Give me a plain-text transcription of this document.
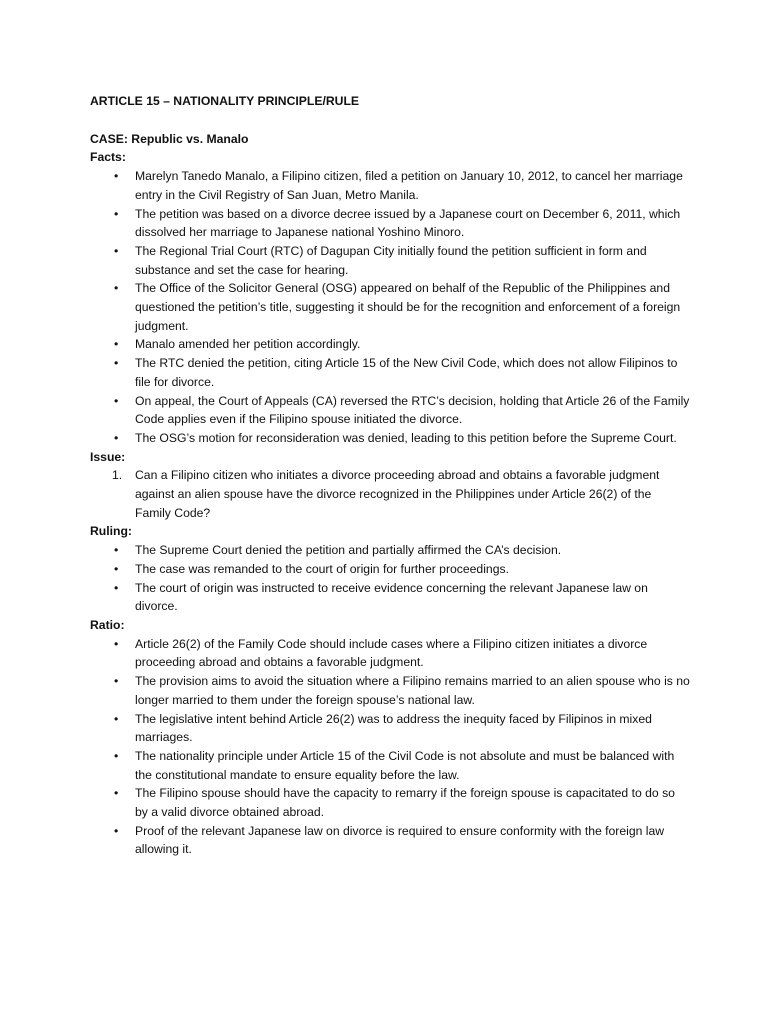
ARTICLE 15 – NATIONALITY PRINCIPLE/RULE
CASE: Republic vs. Manalo
Facts:
• Marelyn Tanedo Manalo, a Filipino citizen, filed a petition on January 10, 2012, to cancel her marriage entry in the Civil Registry of San Juan, Metro Manila.
• The petition was based on a divorce decree issued by a Japanese court on December 6, 2011, which dissolved her marriage to Japanese national Yoshino Minoro.
• The Regional Trial Court (RTC) of Dagupan City initially found the petition sufficient in form and substance and set the case for hearing.
• The Office of the Solicitor General (OSG) appeared on behalf of the Republic of the Philippines and questioned the petition’s title, suggesting it should be for the recognition and enforcement of a foreign judgment.
• Manalo amended her petition accordingly.
• The RTC denied the petition, citing Article 15 of the New Civil Code, which does not allow Filipinos to file for divorce.
• On appeal, the Court of Appeals (CA) reversed the RTC’s decision, holding that Article 26 of the Family Code applies even if the Filipino spouse initiated the divorce.
• The OSG’s motion for reconsideration was denied, leading to this petition before the Supreme Court.
Issue:
1. Can a Filipino citizen who initiates a divorce proceeding abroad and obtains a favorable judgment against an alien spouse have the divorce recognized in the Philippines under Article 26(2) of the Family Code?
Ruling:
• The Supreme Court denied the petition and partially affirmed the CA’s decision.
• The case was remanded to the court of origin for further proceedings.
• The court of origin was instructed to receive evidence concerning the relevant Japanese law on divorce.
Ratio:
• Article 26(2) of the Family Code should include cases where a Filipino citizen initiates a divorce proceeding abroad and obtains a favorable judgment.
• The provision aims to avoid the situation where a Filipino remains married to an alien spouse who is no longer married to them under the foreign spouse’s national law.
• The legislative intent behind Article 26(2) was to address the inequity faced by Filipinos in mixed marriages.
• The nationality principle under Article 15 of the Civil Code is not absolute and must be balanced with the constitutional mandate to ensure equality before the law.
• The Filipino spouse should have the capacity to remarry if the foreign spouse is capacitated to do so by a valid divorce obtained abroad.
• Proof of the relevant Japanese law on divorce is required to ensure conformity with the foreign law allowing it.
